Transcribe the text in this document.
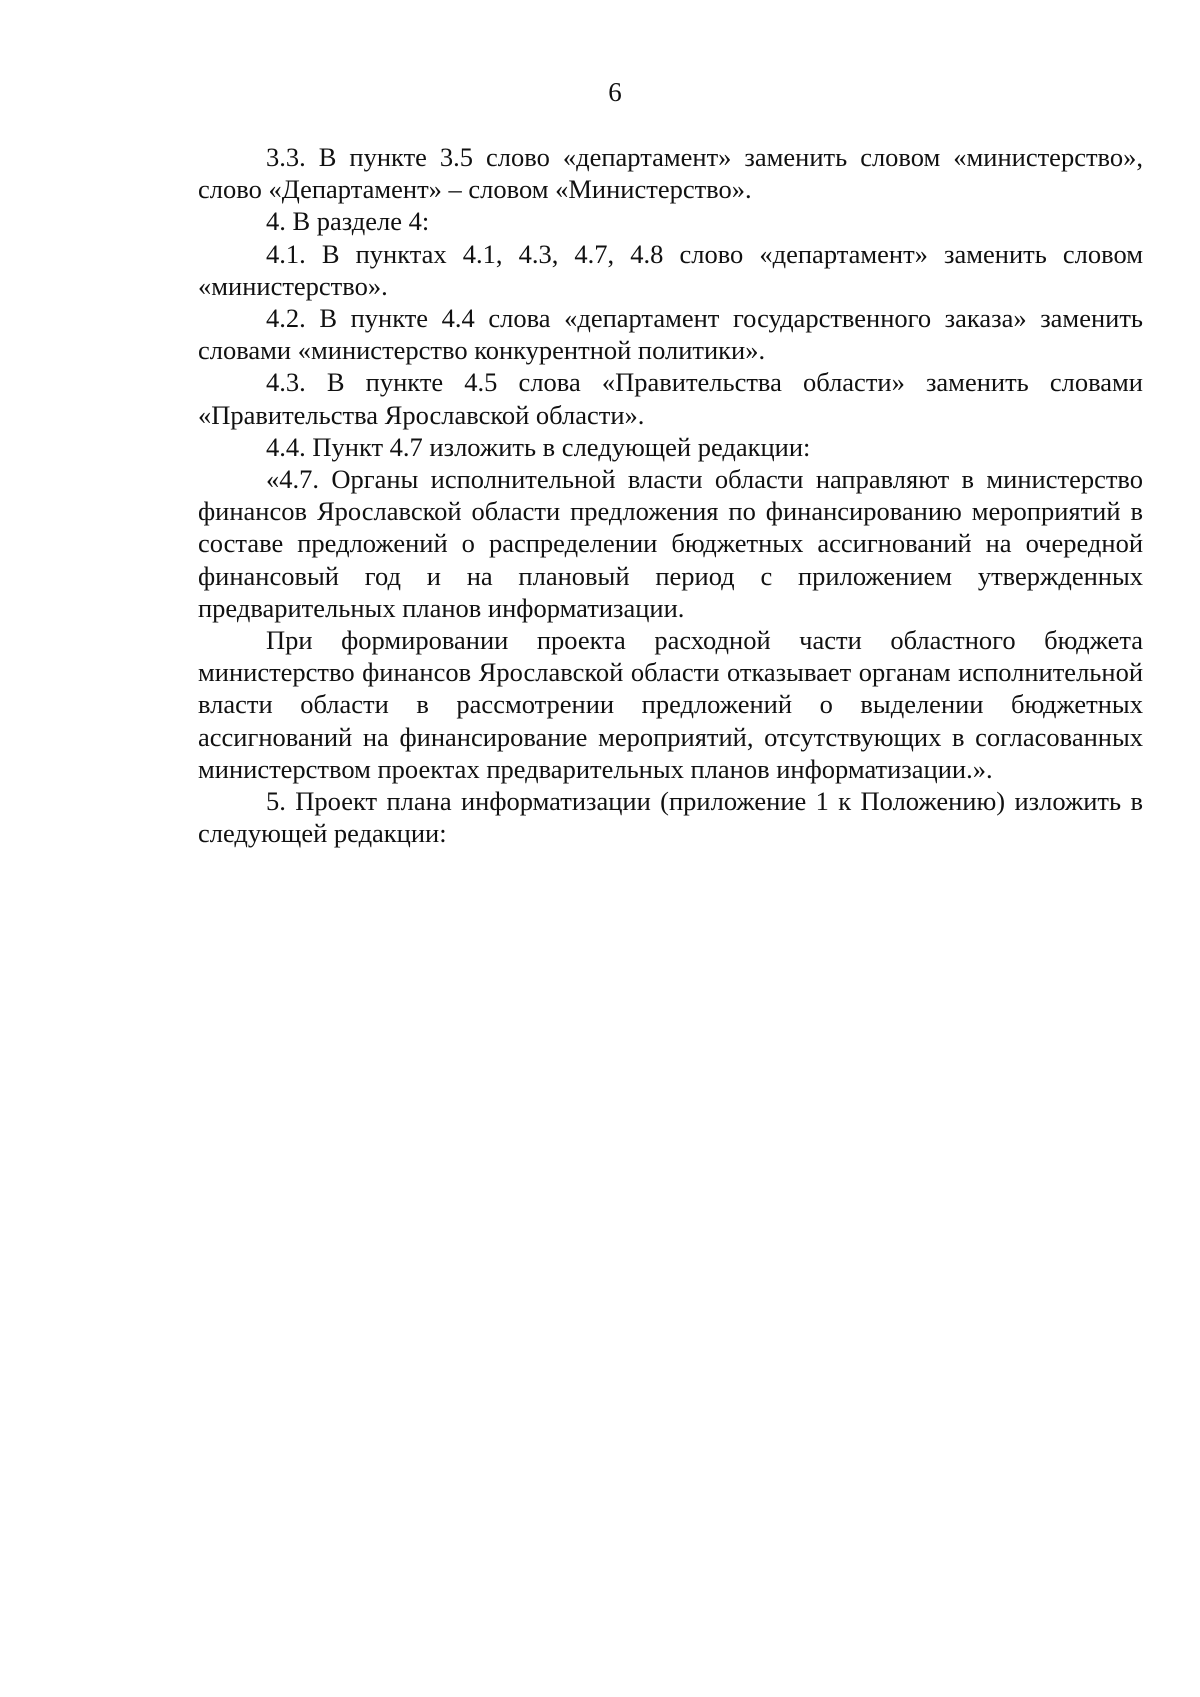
6

3.3. В пункте 3.5 слово «департамент» заменить словом «министерство», слово «Департамент» – словом «Министерство».

4. В разделе 4:

4.1. В пунктах 4.1, 4.3, 4.7, 4.8 слово «департамент» заменить словом «министерство».

4.2. В пункте 4.4 слова «департамент государственного заказа» заменить словами «министерство конкурентной политики».

4.3. В пункте 4.5 слова «Правительства области» заменить словами «Правительства Ярославской области».

4.4. Пункт 4.7 изложить в следующей редакции:

«4.7. Органы исполнительной власти области направляют в министерство финансов Ярославской области предложения по финансированию мероприятий в составе предложений о распределении бюджетных ассигнований на очередной финансовый год и на плановый период с приложением утвержденных предварительных планов информатизации.

При формировании проекта расходной части областного бюджета министерство финансов Ярославской области отказывает органам исполнительной власти области в рассмотрении предложений о выделении бюджетных ассигнований на финансирование мероприятий, отсутствующих в согласованных министерством проектах предварительных планов информатизации.».

5. Проект плана информатизации (приложение 1 к Положению) изложить в следующей редакции:
